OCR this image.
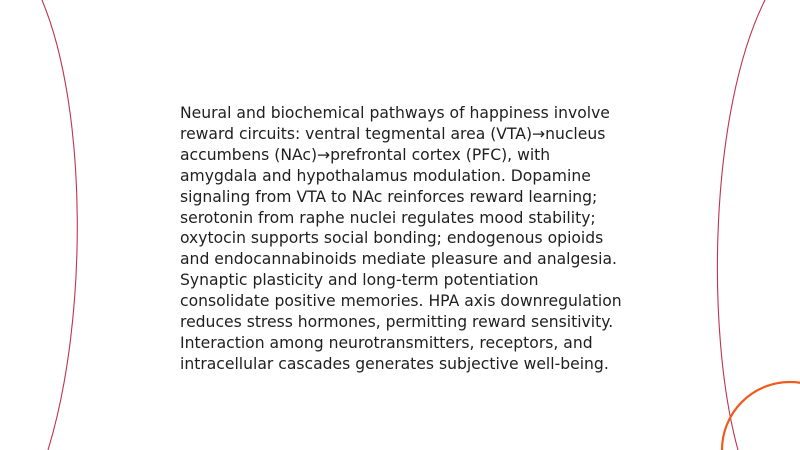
Neural and biochemical pathways of happiness involve reward circuits: ventral tegmental area (VTA)→nucleus accumbens (NAc)→prefrontal cortex (PFC), with amygdala and hypothalamus modulation. Dopamine signaling from VTA to NAc reinforces reward learning; serotonin from raphe nuclei regulates mood stability; oxytocin supports social bonding; endogenous opioids and endocannabinoids mediate pleasure and analgesia. Synaptic plasticity and long-term potentiation consolidate positive memories. HPA axis downregulation reduces stress hormones, permitting reward sensitivity. Interaction among neurotransmitters, receptors, and intracellular cascades generates subjective well-being.
